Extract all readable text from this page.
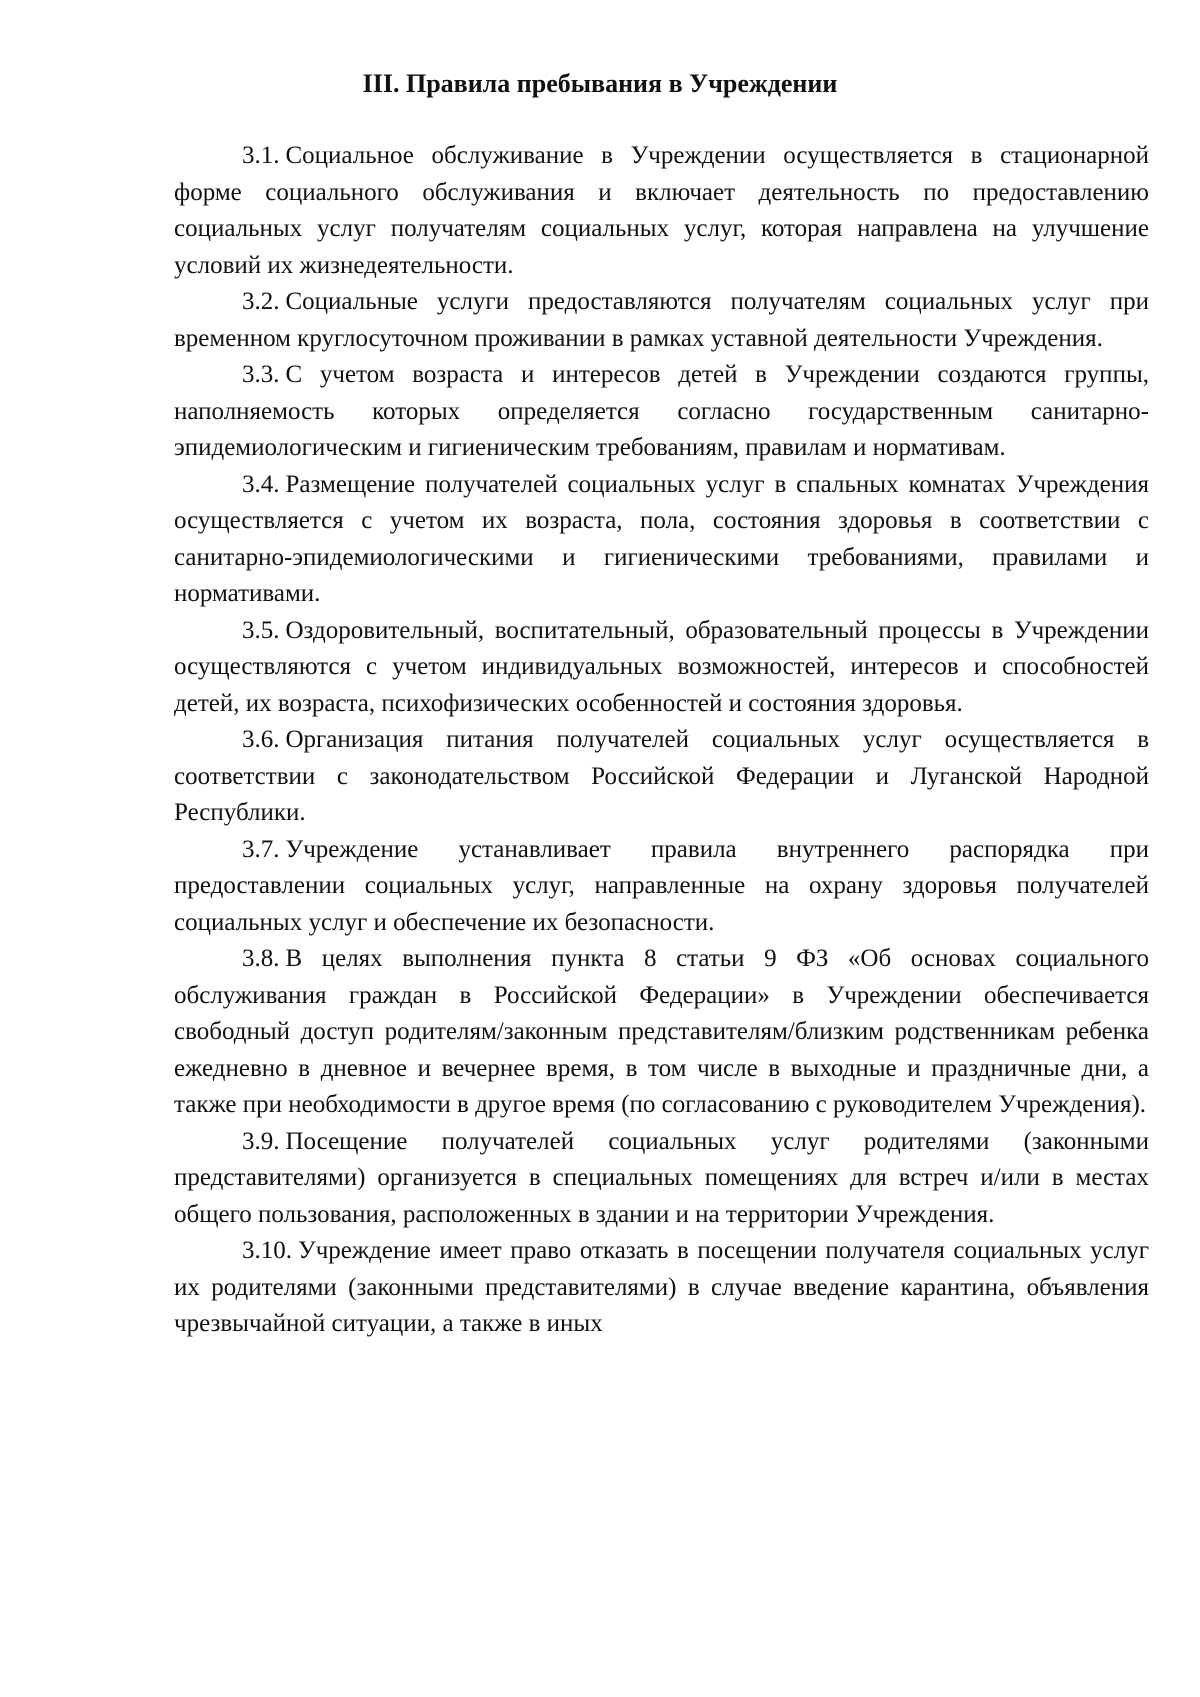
III. Правила пребывания в Учреждении

3.1. Социальное обслуживание в Учреждении осуществляется в стационарной форме социального обслуживания и включает деятельность по предоставлению социальных услуг получателям социальных услуг, которая направлена на улучшение условий их жизнедеятельности.

3.2. Социальные услуги предоставляются получателям социальных услуг при временном круглосуточном проживании в рамках уставной деятельности Учреждения.

3.3. С учетом возраста и интересов детей в Учреждении создаются группы, наполняемость которых определяется согласно государственным санитарно-эпидемиологическим и гигиеническим требованиям, правилам и нормативам.

3.4. Размещение получателей социальных услуг в спальных комнатах Учреждения осуществляется с учетом их возраста, пола, состояния здоровья в соответствии с санитарно-эпидемиологическими и гигиеническими требованиями, правилами и нормативами.

3.5. Оздоровительный, воспитательный, образовательный процессы в Учреждении осуществляются с учетом индивидуальных возможностей, интересов и способностей детей, их возраста, психофизических особенностей и состояния здоровья.

3.6. Организация питания получателей социальных услуг осуществляется в соответствии с законодательством Российской Федерации и Луганской Народной Республики.

3.7. Учреждение устанавливает правила внутреннего распорядка при предоставлении социальных услуг, направленные на охрану здоровья получателей социальных услуг и обеспечение их безопасности.

3.8. В целях выполнения пункта 8 статьи 9 ФЗ «Об основах социального обслуживания граждан в Российской Федерации» в Учреждении обеспечивается свободный доступ родителям/законным представителям/близким родственникам ребенка ежедневно в дневное и вечернее время, в том числе в выходные и праздничные дни, а также при необходимости в другое время (по согласованию с руководителем Учреждения).

3.9. Посещение получателей социальных услуг родителями (законными представителями) организуется в специальных помещениях для встреч и/или в местах общего пользования, расположенных в здании и на территории Учреждения.

3.10. Учреждение имеет право отказать в посещении получателя социальных услуг их родителями (законными представителями) в случае введение карантина, объявления чрезвычайной ситуации, а также в иных
